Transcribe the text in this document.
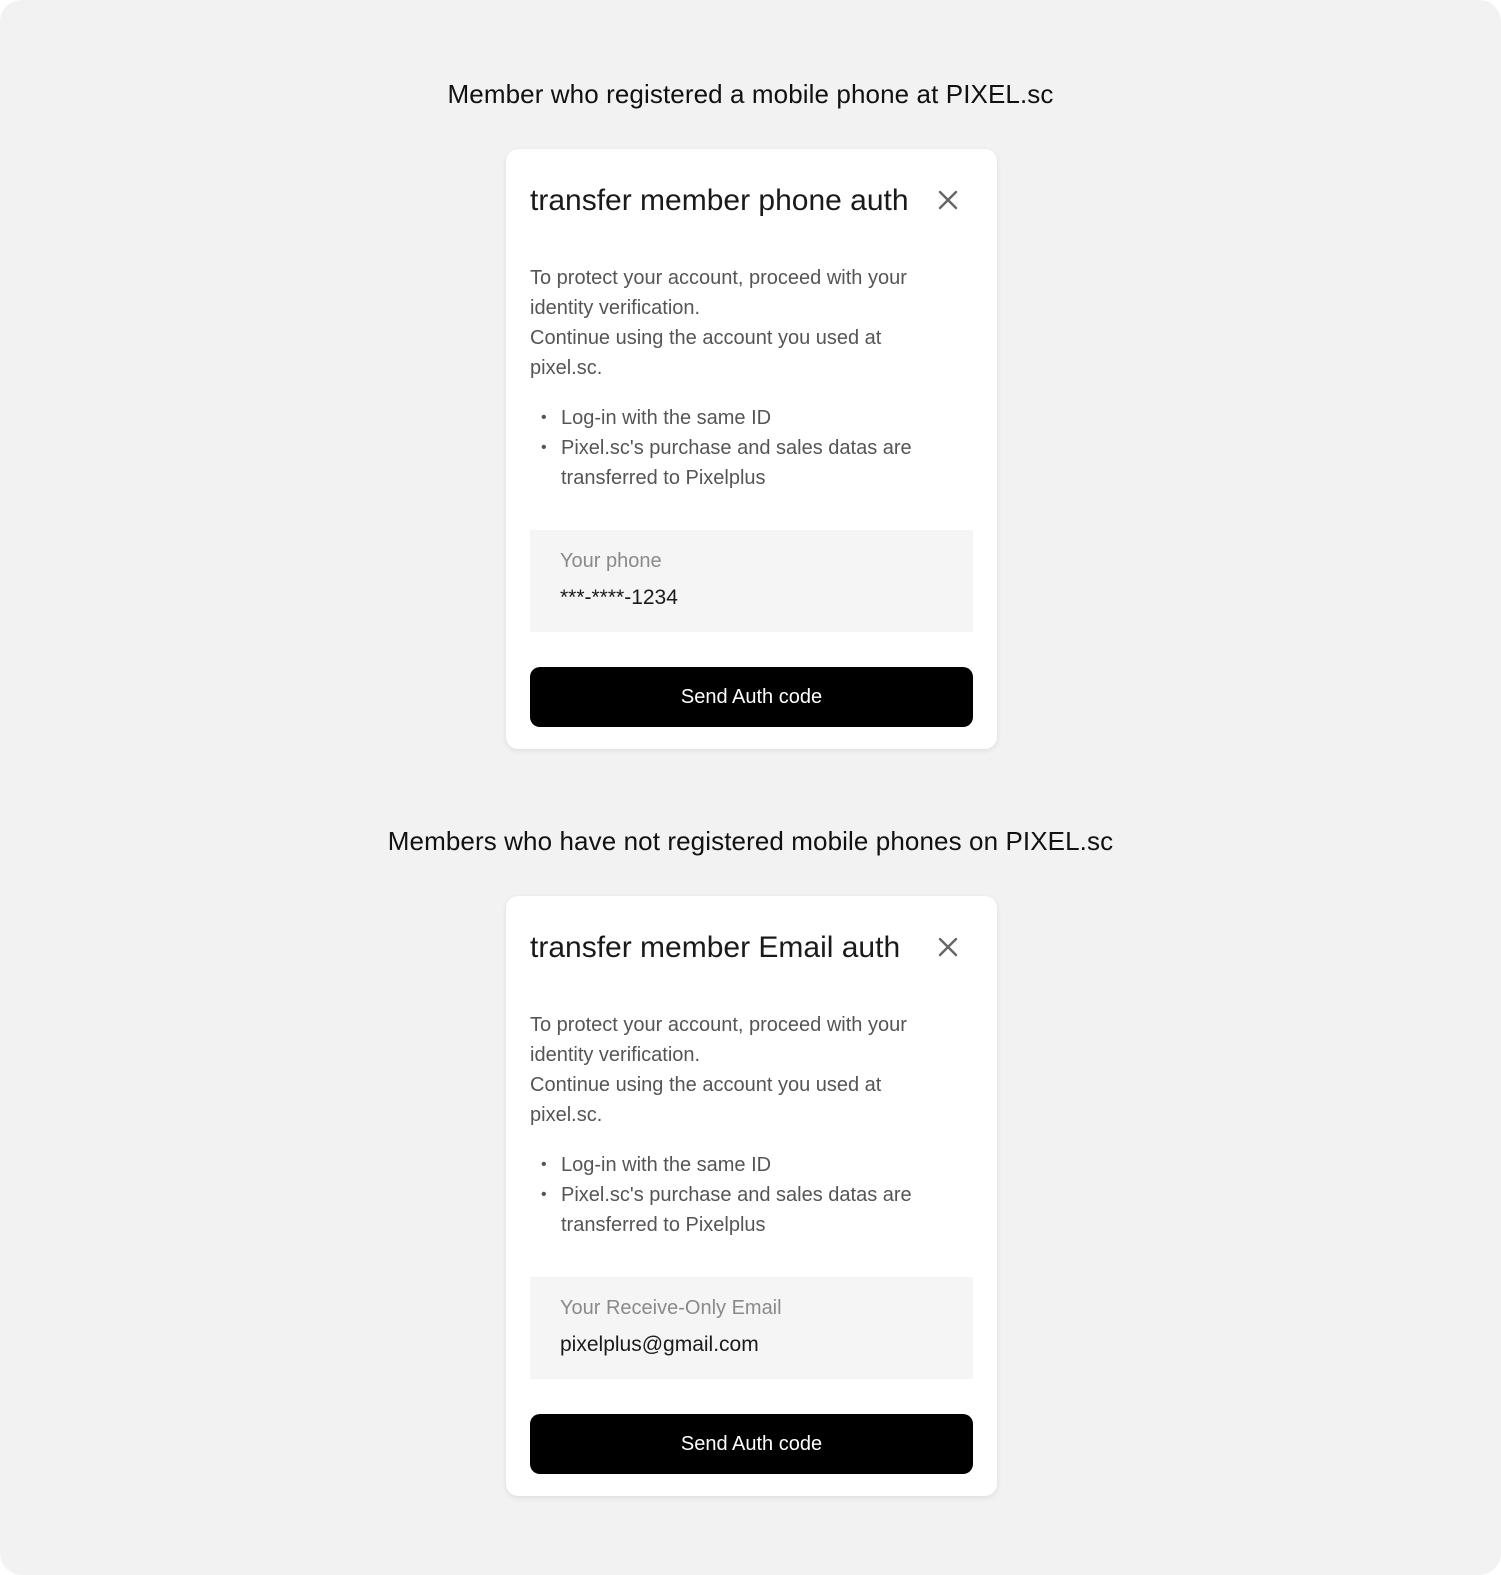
Member who registered a mobile phone at PIXEL.sc
transfer member phone auth

To protect your account, proceed with your identity verification.
Continue using the account you used at pixel.sc.

• Log-in with the same ID
• Pixel.sc's purchase and sales datas are transferred to Pixelplus
Your phone
***-****-1234
Send Auth code
Members who have not registered mobile phones on PIXEL.sc
transfer member Email auth

To protect your account, proceed with your identity verification.
Continue using the account you used at pixel.sc.

• Log-in with the same ID
• Pixel.sc's purchase and sales datas are transferred to Pixelplus
Your Receive-Only Email
pixelplus@gmail.com
Send Auth code
